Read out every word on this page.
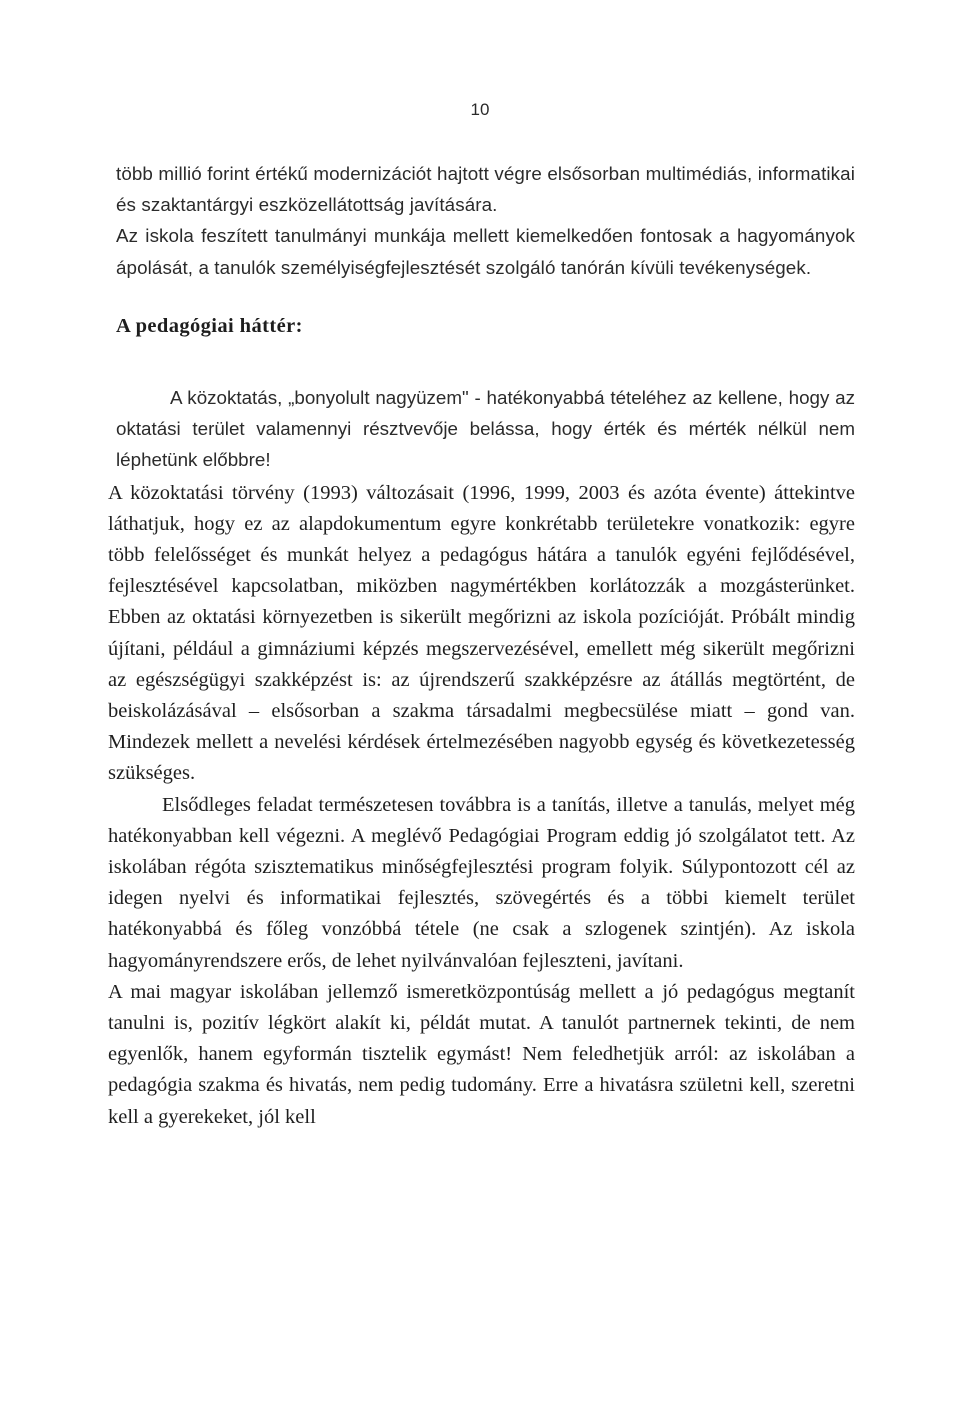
10

több millió forint értékű modernizációt hajtott végre elsősorban multimédiás, informatikai és szaktantárgyi eszközellátottság javítására.

Az iskola feszített tanulmányi munkája mellett kiemelkedően fontosak a hagyományok ápolását, a tanulók személyiségfejlesztését szolgáló tanórán kívüli tevékenységek.

A pedagógiai háttér:

A közoktatás, „bonyolult nagyüzem" - hatékonyabbá tételéhez az kellene, hogy az oktatási terület valamennyi résztvevője belássa, hogy érték és mérték nélkül nem léphetünk előbbre!

A közoktatási törvény (1993) változásait (1996, 1999, 2003 és azóta évente) áttekintve láthatjuk, hogy ez az alapdokumentum egyre konkrétabb területekre vonatkozik: egyre több felelősséget és munkát helyez a pedagógus hátára a tanulók egyéni fejlődésével, fejlesztésével kapcsolatban, miközben nagymértékben korlátozzák a mozgásterünket. Ebben az oktatási környezetben is sikerült megőrizni az iskola pozícióját. Próbált mindig újítani, például a gimnáziumi képzés megszervezésével, emellett még sikerült megőrizni az egészségügyi szakképzést is: az újrendszerű szakképzésre az átállás megtörtént, de beiskolázásával – elsősorban a szakma társadalmi megbecsülése miatt – gond van. Mindezek mellett a nevelési kérdések értelmezésében nagyobb egység és következetesség szükséges.

Elsődleges feladat természetesen továbbra is a tanítás, illetve a tanulás, melyet még hatékonyabban kell végezni. A meglévő Pedagógiai Program eddig jó szolgálatot tett. Az iskolában régóta szisztematikus minőségfejlesztési program folyik. Súlypontozott cél az idegen nyelvi és informatikai fejlesztés, szövegértés és a többi kiemelt terület hatékonyabbá és főleg vonzóbbá tétele (ne csak a szlogenek szintjén). Az iskola hagyományrendszere erős, de lehet nyilvánvalóan fejleszteni, javítani.

A mai magyar iskolában jellemző ismeretközpontúság mellett a jó pedagógus megtanít tanulni is, pozitív légkört alakít ki, példát mutat. A tanulót partnernek tekinti, de nem egyenlők, hanem egyformán tisztelik egymást! Nem feledhetjük arról: az iskolában a pedagógia szakma és hivatás, nem pedig tudomány. Erre a hivatásra születni kell, szeretni kell a gyerekeket, jól kell
